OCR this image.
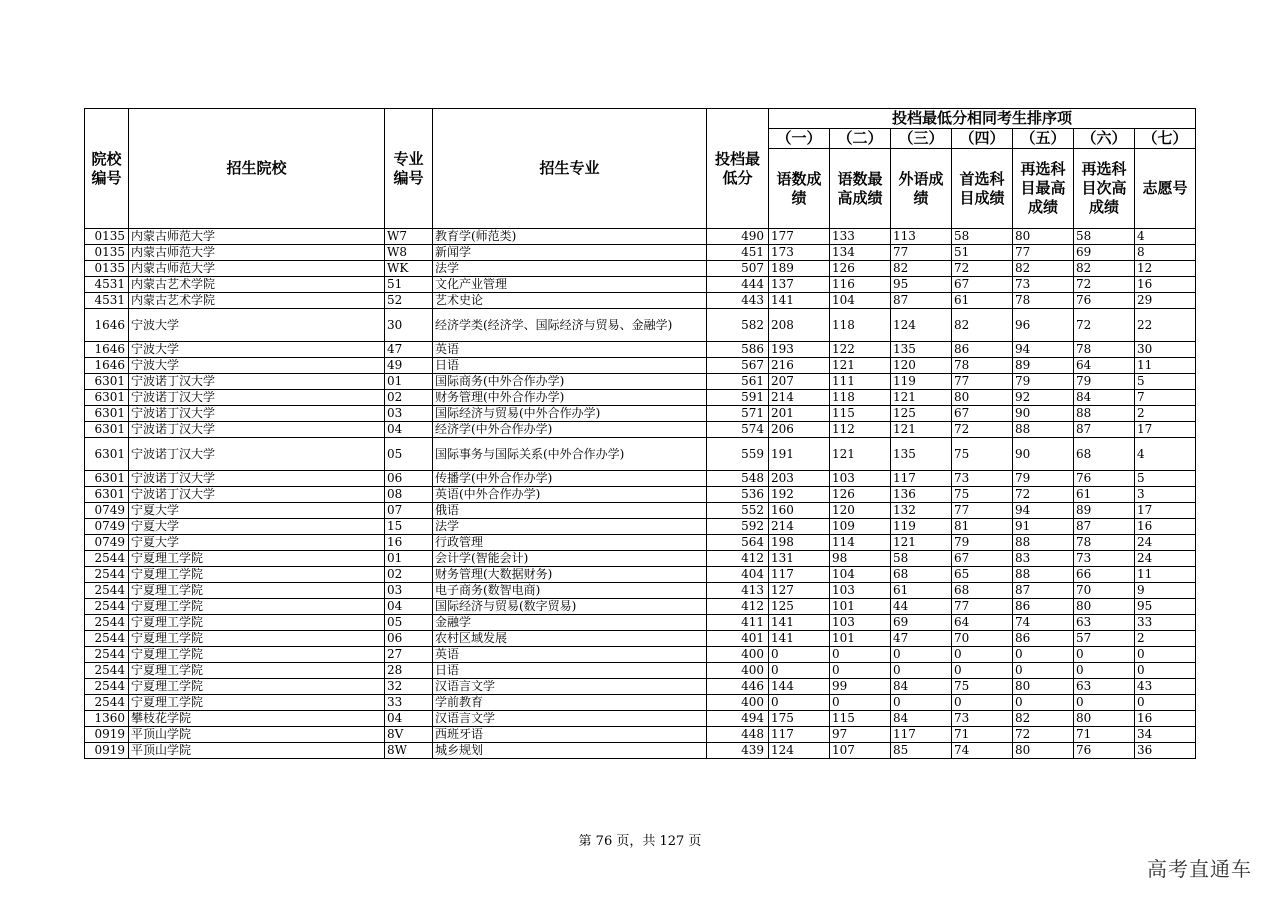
院校编号	招生院校	专业编号	招生专业	投档最低分	投档最低分相同考生排序项						
					（一）	（二）	（三）	（四）	（五）	（六）	（七）
					语数成绩	语数最高成绩	外语成绩	首选科目成绩	再选科目最高成绩	再选科目次高成绩	志愿号
0135	内蒙古师范大学	W7	教育学(师范类)	490	177	133	113	58	80	58	4
0135	内蒙古师范大学	W8	新闻学	451	173	134	77	51	77	69	8
0135	内蒙古师范大学	WK	法学	507	189	126	82	72	82	82	12
4531	内蒙古艺术学院	51	文化产业管理	444	137	116	95	67	73	72	16
4531	内蒙古艺术学院	52	艺术史论	443	141	104	87	61	78	76	29
1646	宁波大学	30	经济学类(经济学、国际经济与贸易、金融学)	582	208	118	124	82	96	72	22
1646	宁波大学	47	英语	586	193	122	135	86	94	78	30
1646	宁波大学	49	日语	567	216	121	120	78	89	64	11
6301	宁波诺丁汉大学	01	国际商务(中外合作办学)	561	207	111	119	77	79	79	5
6301	宁波诺丁汉大学	02	财务管理(中外合作办学)	591	214	118	121	80	92	84	7
6301	宁波诺丁汉大学	03	国际经济与贸易(中外合作办学)	571	201	115	125	67	90	88	2
6301	宁波诺丁汉大学	04	经济学(中外合作办学)	574	206	112	121	72	88	87	17
6301	宁波诺丁汉大学	05	国际事务与国际关系(中外合作办学)	559	191	121	135	75	90	68	4
6301	宁波诺丁汉大学	06	传播学(中外合作办学)	548	203	103	117	73	79	76	5
6301	宁波诺丁汉大学	08	英语(中外合作办学)	536	192	126	136	75	72	61	3
0749	宁夏大学	07	俄语	552	160	120	132	77	94	89	17
0749	宁夏大学	15	法学	592	214	109	119	81	91	87	16
0749	宁夏大学	16	行政管理	564	198	114	121	79	88	78	24
2544	宁夏理工学院	01	会计学(智能会计)	412	131	98	58	67	83	73	24
2544	宁夏理工学院	02	财务管理(大数据财务)	404	117	104	68	65	88	66	11
2544	宁夏理工学院	03	电子商务(数智电商)	413	127	103	61	68	87	70	9
2544	宁夏理工学院	04	国际经济与贸易(数字贸易)	412	125	101	44	77	86	80	95
2544	宁夏理工学院	05	金融学	411	141	103	69	64	74	63	33
2544	宁夏理工学院	06	农村区域发展	401	141	101	47	70	86	57	2
2544	宁夏理工学院	27	英语	400	0	0	0	0	0	0	0
2544	宁夏理工学院	28	日语	400	0	0	0	0	0	0	0
2544	宁夏理工学院	32	汉语言文学	446	144	99	84	75	80	63	43
2544	宁夏理工学院	33	学前教育	400	0	0	0	0	0	0	0
1360	攀枝花学院	04	汉语言文学	494	175	115	84	73	82	80	16
0919	平顶山学院	8V	西班牙语	448	117	97	117	71	72	71	34
0919	平顶山学院	8W	城乡规划	439	124	107	85	74	80	76	36
第 76 页，共 127 页
高考直通车
